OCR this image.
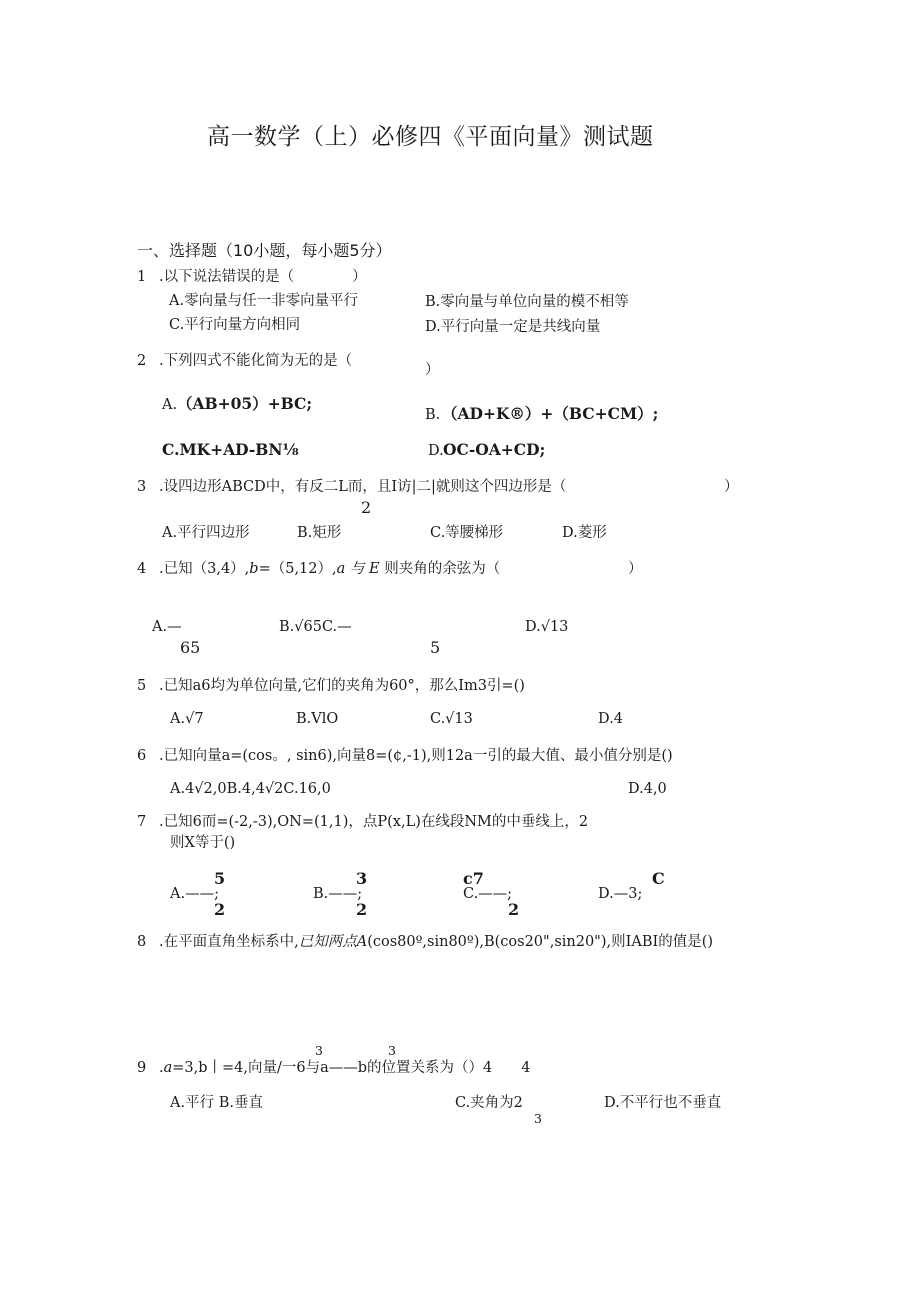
高一数学（上）必修四《平面向量》测试题
一、选择题（10小题，每小题5分）
1 .以下说法错误的是（　　　　）
A.零向量与任一非零向量平行	B.零向量与单位向量的模不相等
C.平行向量方向相同	D.平行向量一定是共线向量
2 .下列四式不能化简为无的是（
）
A. （AB+05）+BC;
B. （AD+K®）+（BC+CM）;
C.MK+AD-BN⅛	D. OC-OA+CD;
3 .设四边形ABCD中，有反二L而，且I访|二|就则这个四边形是（	）
2
A.平行四边形	B.矩形	C.等腰梯形	D.菱形
4 .已知（3,4）,b=（5,12）,a 与 E 则夹角的余弦为（	）
A.—
65
B.√65C.—
5
D.√13
5 .已知a6均为单位向量,它们的夹角为60°，那么Im3引=()
A.√7	B.VlO	C.√13	D.4
6 .已知向量a=(cos。, sin6),向量8=(¢,-1),则12a一引的最大值、最小值分别是()
A.4√2,0B.4,4√2C.16,0	D.4,0
7 .已知6而=(-2,-3),ON=(1,1)，点P(x,L)在线段NM的中垂线上，2
则X等于()
5
A.——;
2
3
B.——;
2
c7
C.——;
2
C
D.—3;
8 .在平面直角坐标系中,已知两点A(cos80º,sin80º),B(cos20",sin20"),则IABI的值是()
3	3
9 .a=3,b丨=4,向量/一6与a——b的位置关系为（）4　　4
A.平行 B.垂直	C.夹角为2
3
D.不平行也不垂直
